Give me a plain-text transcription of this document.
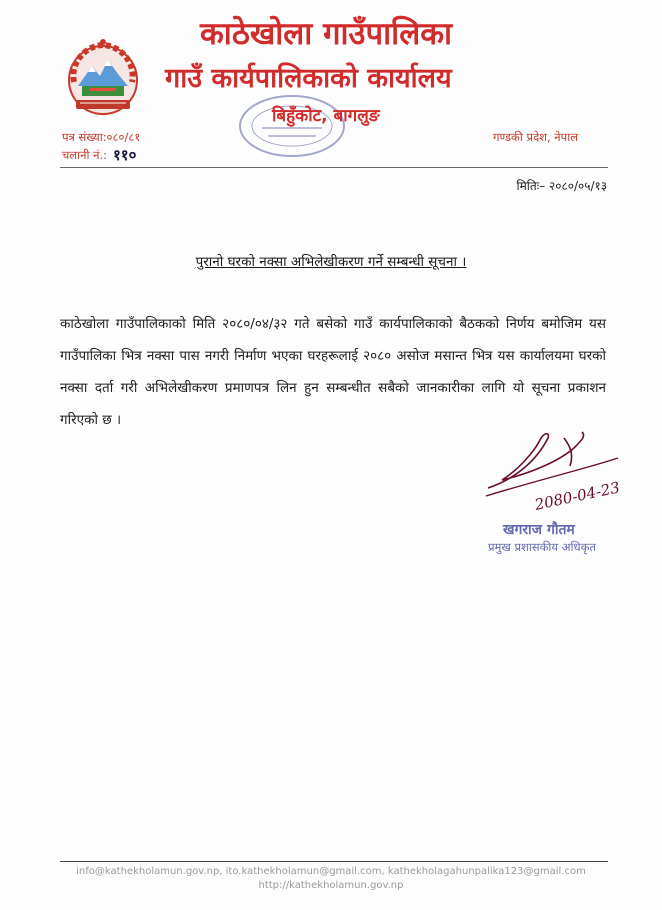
काठेखोला गाउँपालिका
गाउँ कार्यपालिकाको कार्यालय
बिहुँकोट, बागलुङ
पत्र संख्या:०८०/८१
चलानी नं.: ११०
गण्डकी प्रदेश, नेपाल
मितिः– २०८०/०५/१३
पुरानो घरको नक्सा अभिलेखीकरण गर्ने सम्बन्धी सूचना ।
काठेखोला गाउँपालिकाको मिति २०८०/०४/३२ गते बसेको गाउँ कार्यपालिकाको बैठकको निर्णय बमोजिम यस गाउँपालिका भित्र नक्सा पास नगरी निर्माण भएका घरहरूलाई २०८० असोज मसान्त भित्र यस कार्यालयमा घरको नक्सा दर्ता गरी अभिलेखीकरण प्रमाणपत्र लिन हुन सम्बन्धीत सबैको जानकारीका लागि यो सूचना प्रकाशन गरिएको छ ।
2080-04-23
खगराज गौतम
प्रमुख प्रशासकीय अधिकृत
info@kathekholamun.gov.np, ito.kathekholamun@gmail.com, kathekholagahunpalika123@gmail.com
http://kathekholamun.gov.np
